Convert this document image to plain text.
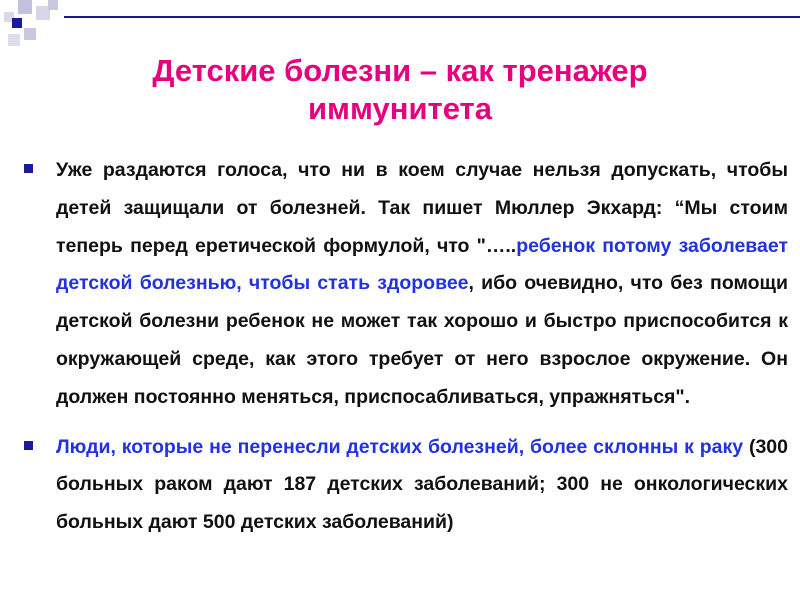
Детские болезни – как тренажер
иммунитета

Уже раздаются голоса, что ни в коем случае нельзя допускать, чтобы детей защищали от болезней. Так пишет Мюллер Экхард: “Мы стоим теперь перед еретической формулой, что "…..ребенок потому заболевает детской болезнью, чтобы стать здоровее, ибо очевидно, что без помощи детской болезни ребенок не может так хорошо и быстро приспособится к окружающей среде, как этого требует от него взрослое окружение. Он должен постоянно меняться, приспосабливаться, упражняться".

Люди, которые не перенесли детских болезней, более склонны к раку (300 больных раком дают 187 детских заболеваний; 300 не онкологических больных дают 500 детских заболеваний)
